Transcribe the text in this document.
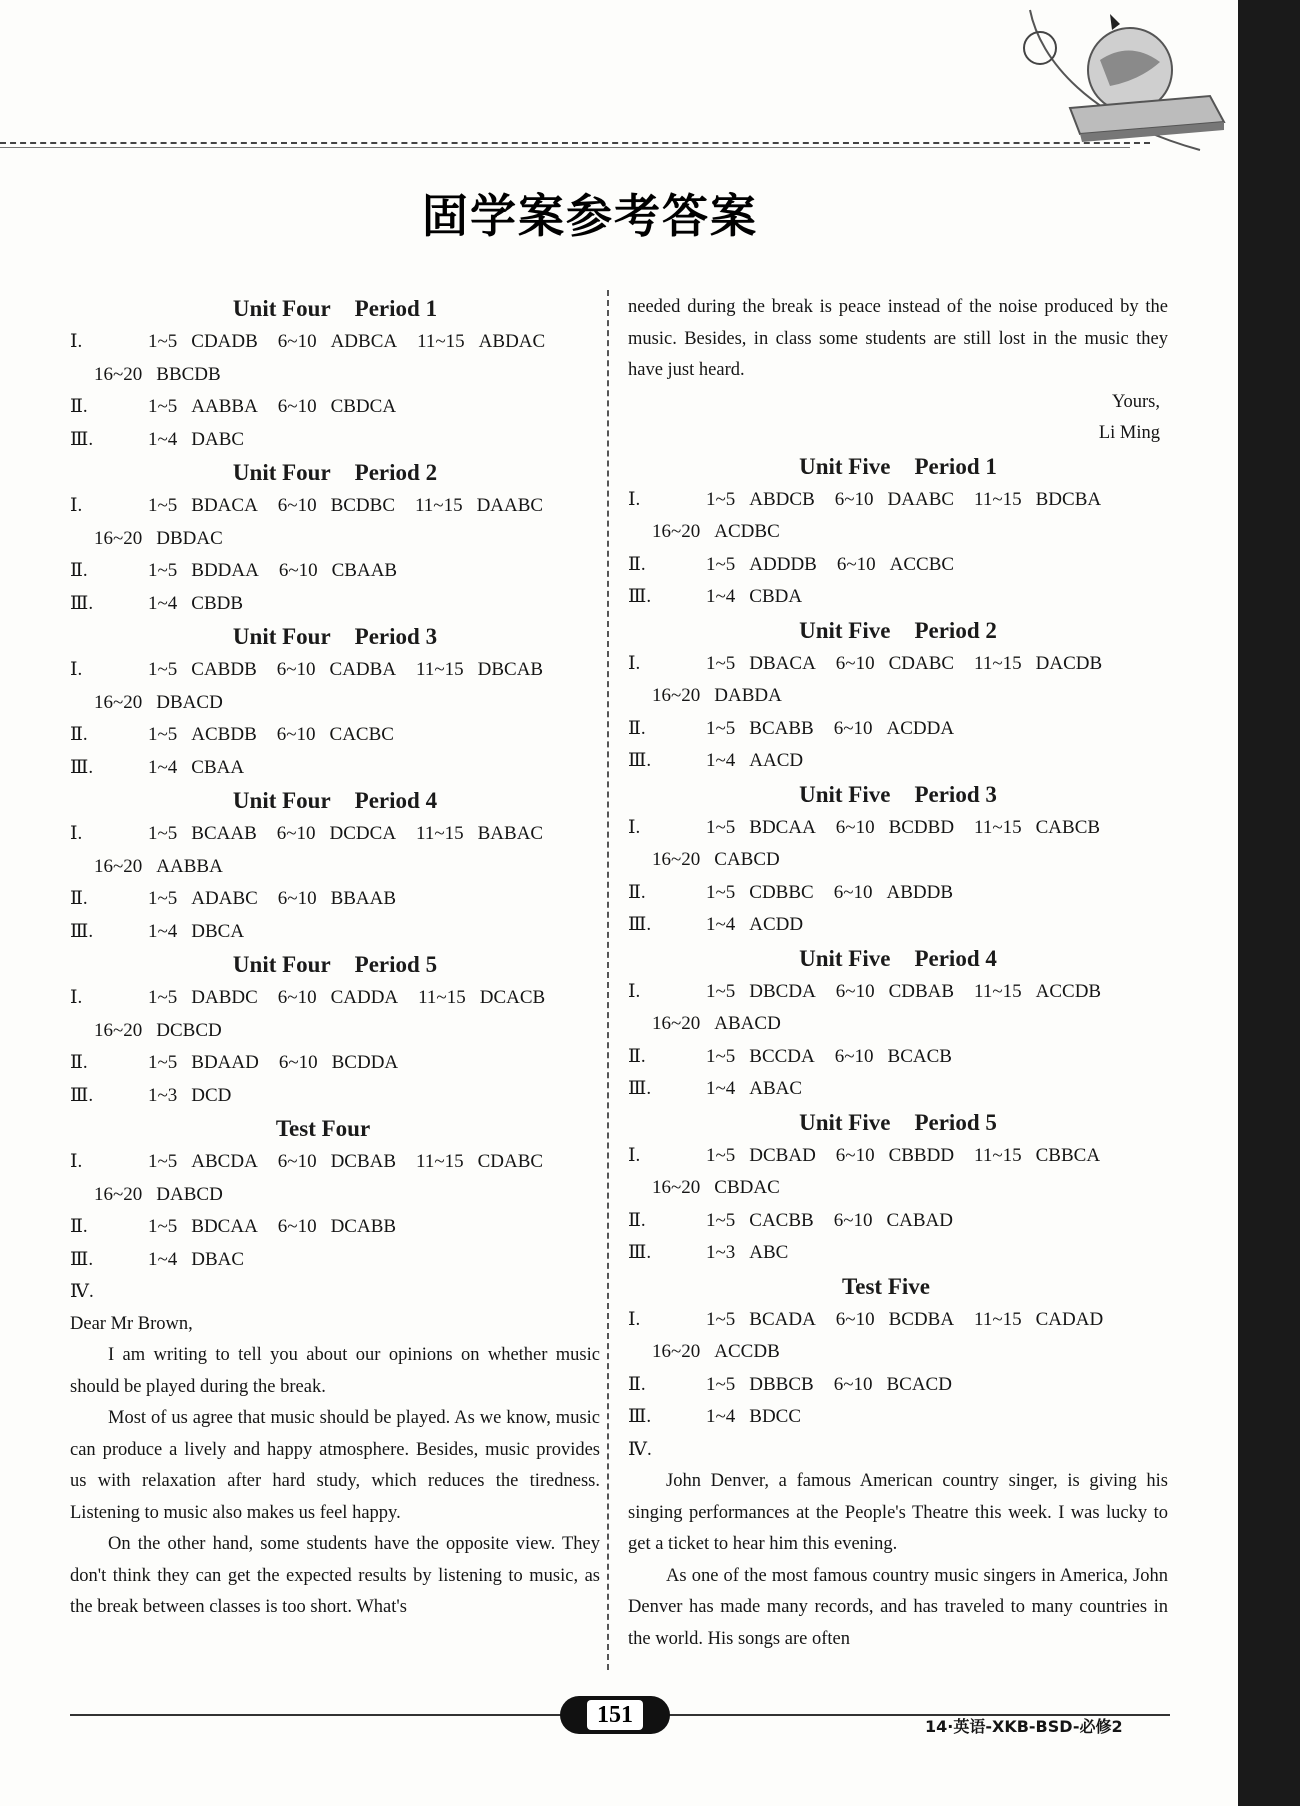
固学案参考答案
Unit Four Period 1
Ⅰ.	1~5 CDADB 6~10 ADBCA 11~15 ABDAC
16~20 BBCDB
Ⅱ.	1~5 AABBA 6~10 CBDCA
Ⅲ.	1~4 DABC
Unit Four Period 2
Ⅰ.	1~5 BDACA 6~10 BCDBC 11~15 DAABC
16~20 DBDAC
Ⅱ.	1~5 BDDAA 6~10 CBAAB
Ⅲ.	1~4 CBDB
Unit Four Period 3
Ⅰ.	1~5 CABDB 6~10 CADBA 11~15 DBCAB
16~20 DBACD
Ⅱ.	1~5 ACBDB 6~10 CACBC
Ⅲ.	1~4 CBAA
Unit Four Period 4
Ⅰ.	1~5 BCAAB 6~10 DCDCA 11~15 BABAC
16~20 AABBA
Ⅱ.	1~5 ADABC 6~10 BBAAB
Ⅲ.	1~4 DBCA
Unit Four Period 5
Ⅰ.	1~5 DABDC 6~10 CADDA 11~15 DCACB
16~20 DCBCD
Ⅱ.	1~5 BDAAD 6~10 BCDDA
Ⅲ.	1~3 DCD
Test Four
Ⅰ.	1~5 ABCDA 6~10 DCBAB 11~15 CDABC
16~20 DABCD
Ⅱ.	1~5 BDCAA 6~10 DCABB
Ⅲ.	1~4 DBAC
Ⅳ.

Dear Mr Brown,

I am writing to tell you about our opinions on whether music should be played during the break.

Most of us agree that music should be played. As we know, music can produce a lively and happy atmosphere. Besides, music provides us with relaxation after hard study, which reduces the tiredness. Listening to music also makes us feel happy.

On the other hand, some students have the opposite view. They don't think they can get the expected results by listening to music, as the break between classes is too short. What's

needed during the break is peace instead of the noise produced by the music. Besides, in class some students are still lost in the music they have just heard.

Yours,
Li Ming
Unit Five Period 1
Ⅰ.	1~5 ABDCB 6~10 DAABC 11~15 BDCBA
16~20 ACDBC
Ⅱ.	1~5 ADDDB 6~10 ACCBC
Ⅲ.	1~4 CBDA
Unit Five Period 2
Ⅰ.	1~5 DBACA 6~10 CDABC 11~15 DACDB
16~20 DABDA
Ⅱ.	1~5 BCABB 6~10 ACDDA
Ⅲ.	1~4 AACD
Unit Five Period 3
Ⅰ.	1~5 BDCAA 6~10 BCDBD 11~15 CABCB
16~20 CABCD
Ⅱ.	1~5 CDBBC 6~10 ABDDB
Ⅲ.	1~4 ACDD
Unit Five Period 4
Ⅰ.	1~5 DBCDA 6~10 CDBAB 11~15 ACCDB
16~20 ABACD
Ⅱ.	1~5 BCCDA 6~10 BCACB
Ⅲ.	1~4 ABAC
Unit Five Period 5
Ⅰ.	1~5 DCBAD 6~10 CBBDD 11~15 CBBCA
16~20 CBDAC
Ⅱ.	1~5 CACBB 6~10 CABAD
Ⅲ.	1~3 ABC
Test Five
Ⅰ.	1~5 BCADA 6~10 BCDBA 11~15 CADAD
16~20 ACCDB
Ⅱ.	1~5 DBBCB 6~10 BCACD
Ⅲ.	1~4 BDCC
Ⅳ.

John Denver, a famous American country singer, is giving his singing performances at the People's Theatre this week. I was lucky to get a ticket to hear him this evening.

As one of the most famous country music singers in America, John Denver has made many records, and has traveled to many countries in the world. His songs are often

151	14·英语-XKB-BSD-必修2
